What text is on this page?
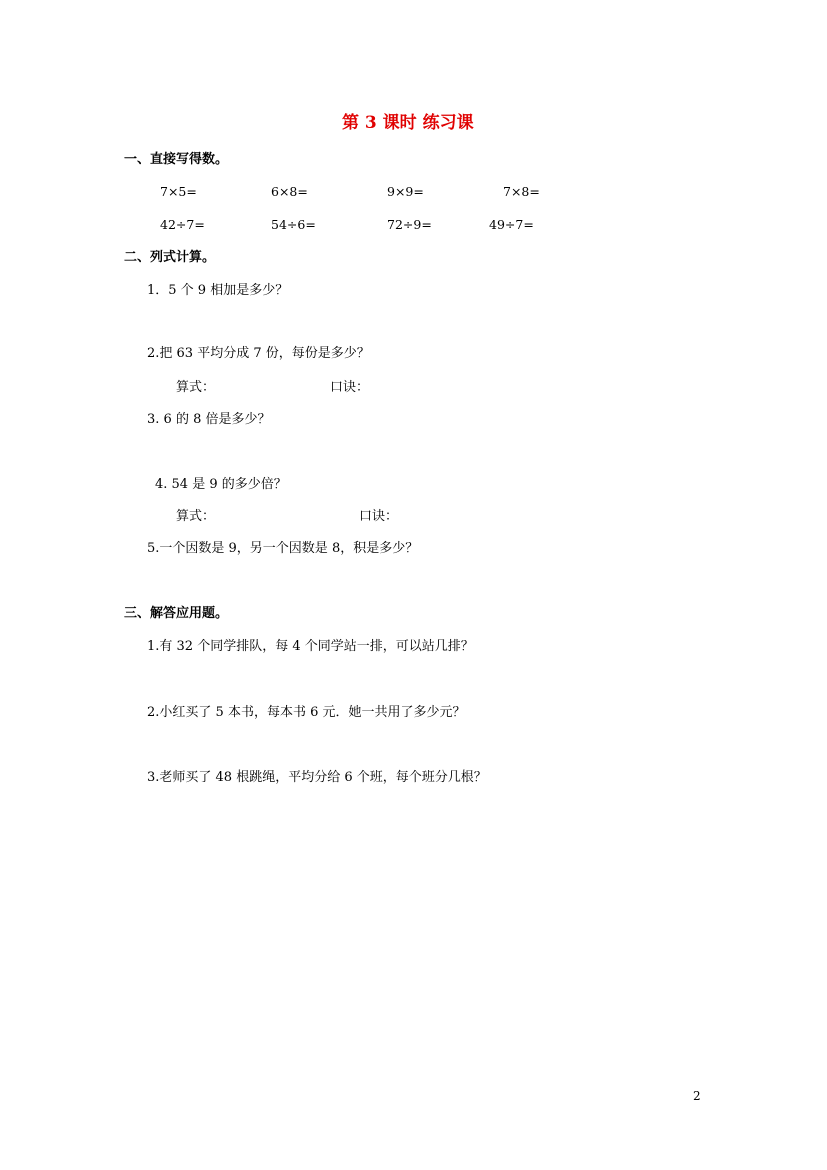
第 3 课时 练习课
一、直接写得数。
7×5=	6×8=	9×9=	7×8=
42÷7=	54÷6=	72÷9=	49÷7=
二、列式计算。
1．5 个 9 相加是多少？
2.把 63 平均分成 7 份，每份是多少？
算式：	口诀：
3. 6 的 8 倍是多少？
4. 54 是 9 的多少倍？
算式：	口诀：
5.一个因数是 9，另一个因数是 8，积是多少？
三、解答应用题。
1.有 32 个同学排队，每 4 个同学站一排，可以站几排？
2.小红买了 5 本书，每本书 6 元．她一共用了多少元？
3.老师买了 48 根跳绳，平均分给 6 个班，每个班分几根？
2
